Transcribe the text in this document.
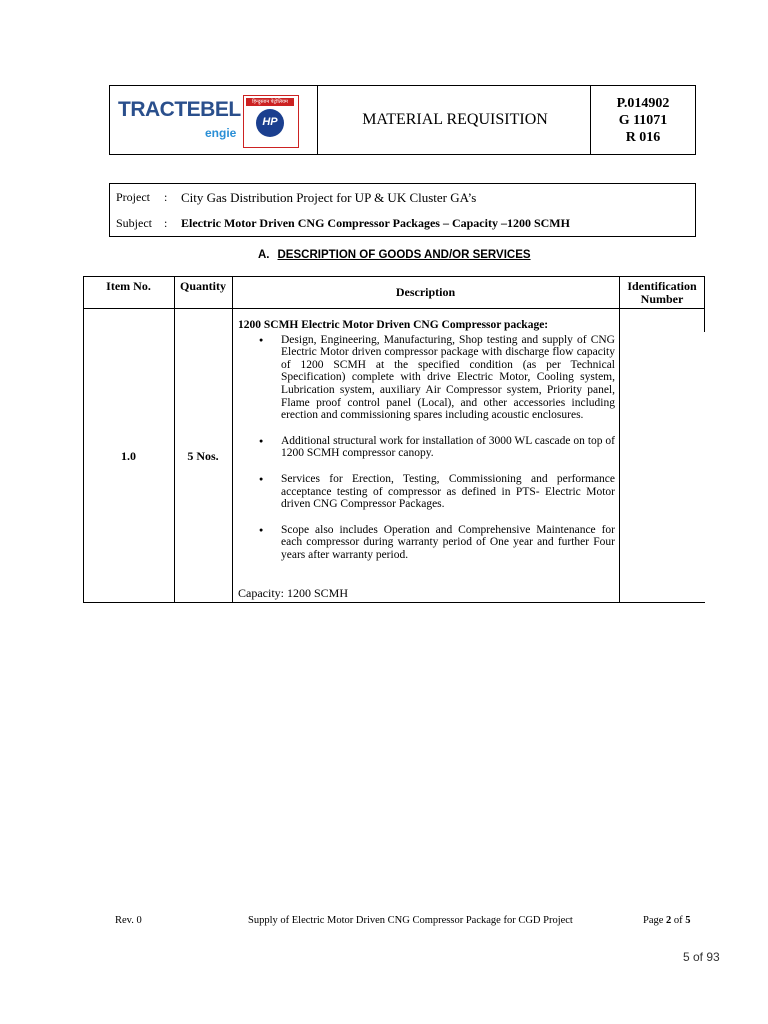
TRACTEBEL
engie
हिन्दुस्तान पेट्रोलियम
HP	MATERIAL REQUISITION
P.014902
G 11071
R 016
Project : City Gas Distribution Project for UP & UK Cluster GA’s
Subject : Electric Motor Driven CNG Compressor Packages – Capacity –1200 SCMH
A. DESCRIPTION OF GOODS AND/OR SERVICES
Item No.	Quantity	Description	Identification Number
1.0	5 Nos.
1200 SCMH Electric Motor Driven CNG Compressor package:
● Design, Engineering, Manufacturing, Shop testing and supply of CNG Electric Motor driven compressor package with discharge flow capacity of 1200 SCMH at the specified condition (as per Technical Specification) complete with drive Electric Motor, Cooling system, Lubrication system, auxiliary Air Compressor system, Priority panel, Flame proof control panel (Local), and other accessories including erection and commissioning spares including acoustic enclosures.
● Additional structural work for installation of 3000 WL cascade on top of 1200 SCMH compressor canopy.
● Services for Erection, Testing, Commissioning and performance acceptance testing of compressor as defined in PTS- Electric Motor driven CNG Compressor Packages.
● Scope also includes Operation and Comprehensive Maintenance for each compressor during warranty period of One year and further Four years after warranty period.
Capacity: 1200 SCMH
Rev. 0	Supply of Electric Motor Driven CNG Compressor Package for CGD Project	Page 2 of 5
5 of 93
